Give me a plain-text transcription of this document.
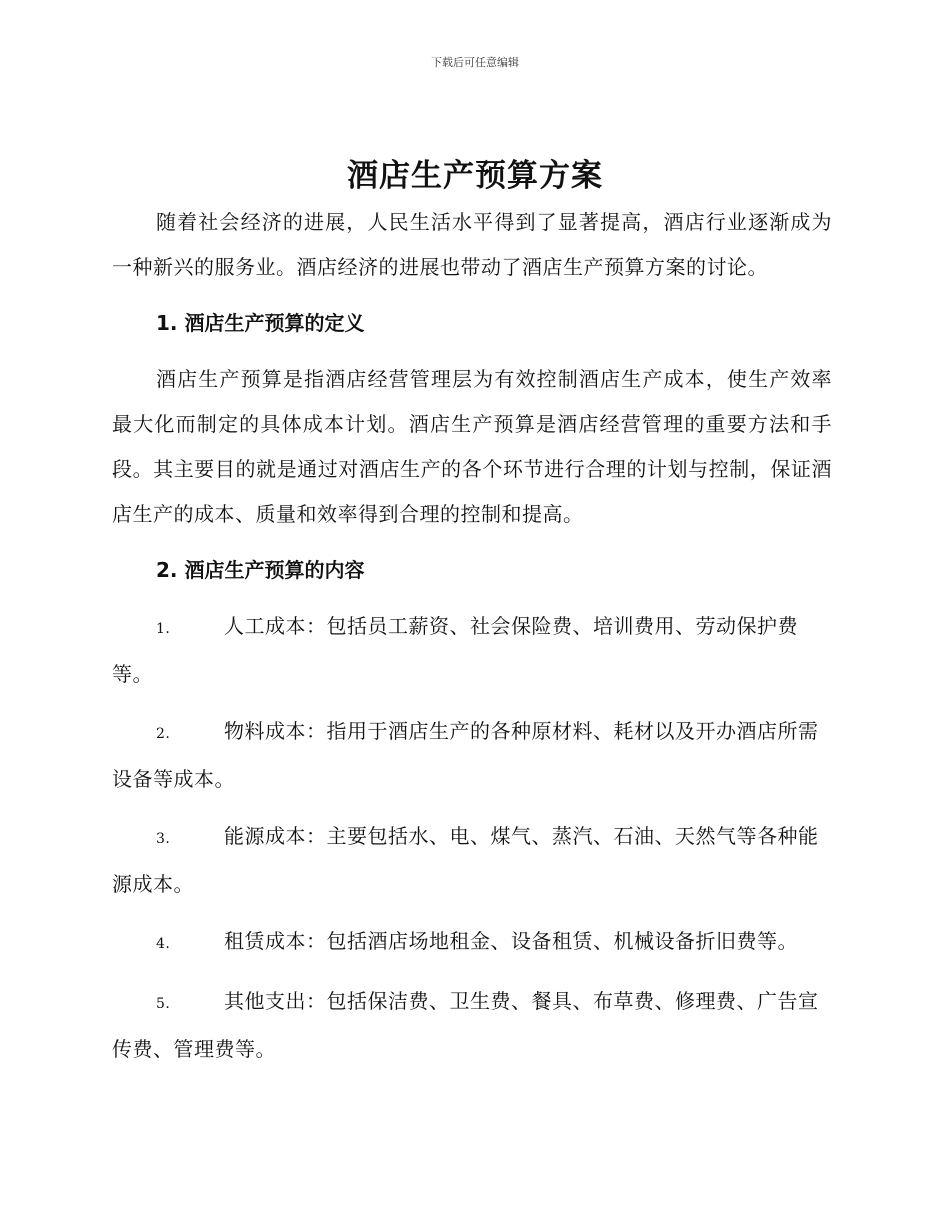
下载后可任意编辑
酒店生产预算方案

随着社会经济的进展，人民生活水平得到了显著提高，酒店行业逐渐成为一种新兴的服务业。酒店经济的进展也带动了酒店生产预算方案的讨论。

1. 酒店生产预算的定义

酒店生产预算是指酒店经营管理层为有效控制酒店生产成本，使生产效率最大化而制定的具体成本计划。酒店生产预算是酒店经营管理的重要方法和手段。其主要目的就是通过对酒店生产的各个环节进行合理的计划与控制，保证酒店生产的成本、质量和效率得到合理的控制和提高。

2. 酒店生产预算的内容

1.	人工成本：包括员工薪资、社会保险费、培训费用、劳动保护费等。

2.	物料成本：指用于酒店生产的各种原材料、耗材以及开办酒店所需设备等成本。

3.	能源成本：主要包括水、电、煤气、蒸汽、石油、天然气等各种能源成本。

4.	租赁成本：包括酒店场地租金、设备租赁、机械设备折旧费等。

5.	其他支出：包括保洁费、卫生费、餐具、布草费、修理费、广告宣传费、管理费等。
